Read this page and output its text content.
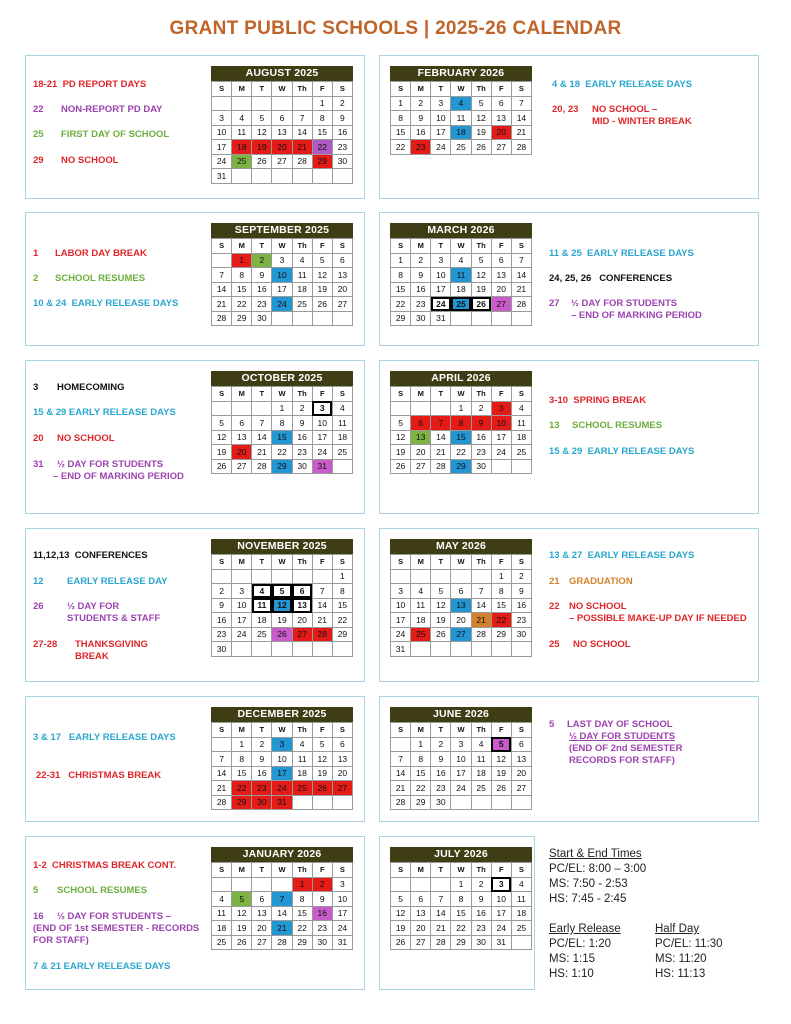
GRANT PUBLIC SCHOOLS | 2025-26 CALENDAR
AUGUST 2025
S	M	T	W	Th	F	S
					1	2
3	4	5	6	7	8	9
10	11	12	13	14	15	16
17	18	19	20	21	22	23
24	25	26	27	28	29	30
31						
SEPTEMBER 2025
S	M	T	W	Th	F	S
	1	2	3	4	5	6
7	8	9	10	11	12	13
14	15	16	17	18	19	20
21	22	23	24	25	26	27
28	29	30				
OCTOBER 2025
S	M	T	W	Th	F	S
			1	2	3	4
5	6	7	8	9	10	11
12	13	14	15	16	17	18
19	20	21	22	23	24	25
26	27	28	29	30	31	
NOVEMBER 2025
S	M	T	W	Th	F	S
						1
2	3	4	5	6	7	8
9	10	11	12	13	14	15
16	17	18	19	20	21	22
23	24	25	26	27	28	29
30						
DECEMBER 2025
S	M	T	W	Th	F	S
	1	2	3	4	5	6
7	8	9	10	11	12	13
14	15	16	17	18	19	20
21	22	23	24	25	26	27
28	29	30	31			
JANUARY 2026
S	M	T	W	Th	F	S
				1	2	3
4	5	6	7	8	9	10
11	12	13	14	15	16	17
18	19	20	21	22	23	24
25	26	27	28	29	30	31
FEBRUARY 2026
S	M	T	W	Th	F	S
1	2	3	4	5	6	7
8	9	10	11	12	13	14
15	16	17	18	19	20	21
22	23	24	25	26	27	28
MARCH 2026
S	M	T	W	Th	F	S
1	2	3	4	5	6	7
8	9	10	11	12	13	14
15	16	17	18	19	20	21
22	23	24	25	26	27	28
29	30	31				
APRIL 2026
S	M	T	W	Th	F	S
			1	2	3	4
5	6	7	8	9	10	11
12	13	14	15	16	17	18
19	20	21	22	23	24	25
26	27	28	29	30		
MAY 2026
S	M	T	W	Th	F	S
					1	2
3	4	5	6	7	8	9
10	11	12	13	14	15	16
17	18	19	20	21	22	23
24	25	26	27	28	29	30
31						
JUNE 2026
S	M	T	W	Th	F	S
	1	2	3	4	5	6
7	8	9	10	11	12	13
14	15	16	17	18	19	20
21	22	23	24	25	26	27
28	29	30				
JULY 2026
S	M	T	W	Th	F	S
			1	2	3	4
5	6	7	8	9	10	11
12	13	14	15	16	17	18
19	20	21	22	23	24	25
26	27	28	29	30	31	
18-21 PD REPORT DAYS
22 NON-REPORT PD DAY
25 FIRST DAY OF SCHOOL
29 NO SCHOOL
1 LABOR DAY BREAK
2 SCHOOL RESUMES
10 & 24 EARLY RELEASE DAYS
3 HOMECOMING
15 & 29 EARLY RELEASE DAYS
20 NO SCHOOL
31 ½ DAY FOR STUDENTS
– END OF MARKING PERIOD
11,12,13 CONFERENCES
12 EARLY RELEASE DAY
26 ½ DAY FOR
STUDENTS & STAFF
27-28 THANKSGIVING
BREAK
3 & 17 EARLY RELEASE DAYS
22-31 CHRISTMAS BREAK
1-2 CHRISTMAS BREAK CONT.
5 SCHOOL RESUMES
16 ½ DAY FOR STUDENTS –
(END OF 1st SEMESTER - RECORDS
FOR STAFF)
7 & 21 EARLY RELEASE DAYS
4 & 18 EARLY RELEASE DAYS
20, 23 NO SCHOOL –
MID - WINTER BREAK
11 & 25 EARLY RELEASE DAYS
24, 25, 26 CONFERENCES
27 ½ DAY FOR STUDENTS
– END OF MARKING PERIOD
3-10 SPRING BREAK
13 SCHOOL RESUMES
15 & 29 EARLY RELEASE DAYS
13 & 27 EARLY RELEASE DAYS
21 GRADUATION
22 NO SCHOOL
– POSSIBLE MAKE-UP DAY IF NEEDED
25 NO SCHOOL
5 LAST DAY OF SCHOOL
½ DAY FOR STUDENTS
(END OF 2nd SEMESTER
RECORDS FOR STAFF)
Start & End Times
PC/EL: 8:00 – 3:00
MS: 7:50 - 2:53
HS: 7:45 - 2:45
Early Release
PC/EL: 1:20
MS: 1:15
HS: 1:10
Half Day
PC/EL: 11:30
MS: 11:20
HS: 11:13
